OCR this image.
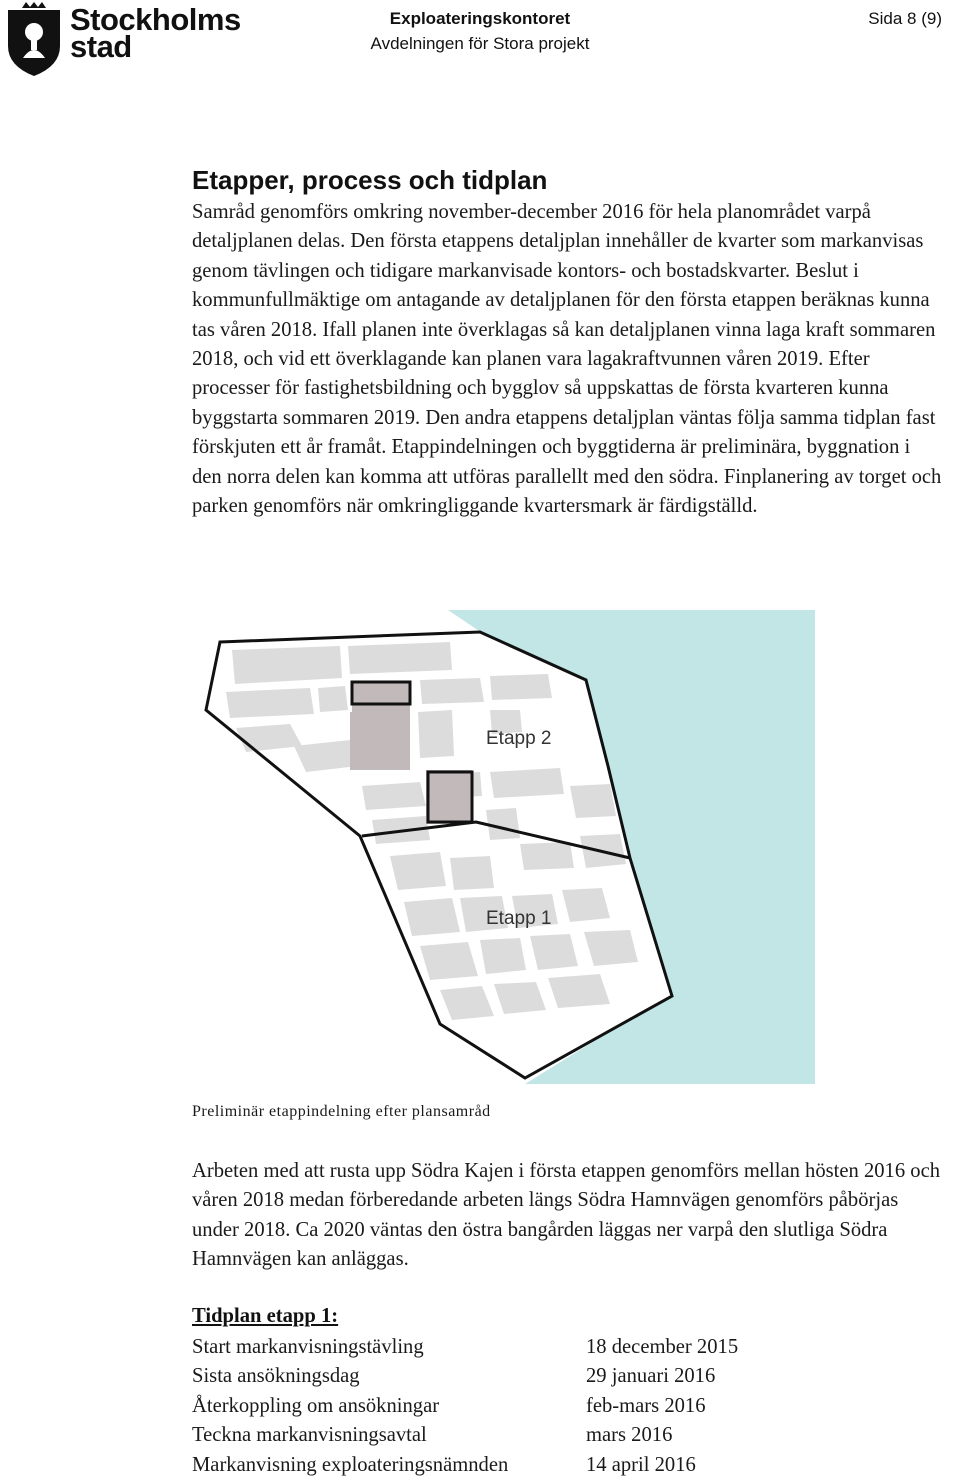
Stockholms
stad
Exploateringskontoret
Avdelningen för Stora projekt
Sida 8 (9)
Etapper, process och tidplan

Samråd genomförs omkring november-december 2016 för hela planområdet varpå detaljplanen delas. Den första etappens detaljplan innehåller de kvarter som markanvisas genom tävlingen och tidigare markanvisade kontors- och bostadskvarter. Beslut i kommunfullmäktige om antagande av detaljplanen för den första etappen beräknas kunna tas våren 2018. Ifall planen inte överklagas så kan detaljplanen vinna laga kraft sommaren 2018, och vid ett överklagande kan planen vara lagakraftvunnen våren 2019. Efter processer för fastighetsbildning och bygglov så uppskattas de första kvarteren kunna byggstarta sommaren 2019. Den andra etappens detaljplan väntas följa samma tidplan fast förskjuten ett år framåt. Etappindelningen och byggtiderna är preliminära, byggnation i den norra delen kan komma att utföras parallellt med den södra. Finplanering av torget och parken genomförs när omkringliggande kvartersmark är färdigställd.

Etapp 2
Etapp 1
Preliminär etappindelning efter plansamråd

Arbeten med att rusta upp Södra Kajen i första etappen genomförs mellan hösten 2016 och våren 2018 medan förberedande arbeten längs Södra Hamnvägen genomförs påbörjas under 2018. Ca 2020 väntas den östra bangården läggas ner varpå den slutliga Södra Hamnvägen kan anläggas.

Tidplan etapp 1:
Start markanvisningstävling	18 december 2015
Sista ansökningsdag	29 januari 2016
Återkoppling om ansökningar	feb-mars 2016
Teckna markanvisningsavtal	mars 2016
Markanvisning exploateringsnämnden	14 april 2016
